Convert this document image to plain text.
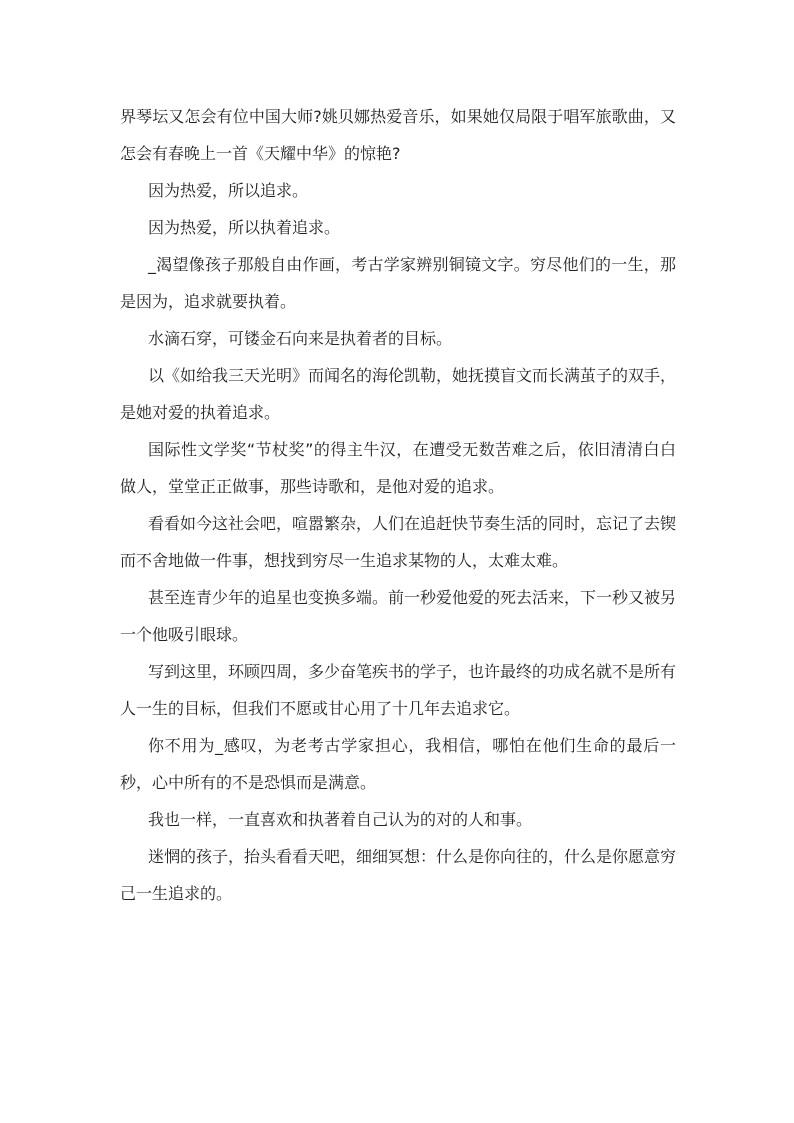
界琴坛又怎会有位中国大师?姚贝娜热爱音乐，如果她仅局限于唱军旅歌曲，又怎会有春晚上一首《天耀中华》的惊艳?

因为热爱，所以追求。

因为热爱，所以执着追求。

_渴望像孩子那般自由作画，考古学家辨别铜镜文字。穷尽他们的一生，那是因为，追求就要执着。

水滴石穿，可镂金石向来是执着者的目标。

以《如给我三天光明》而闻名的海伦凯勒，她抚摸盲文而长满茧子的双手，是她对爱的执着追求。

国际性文学奖“节杖奖”的得主牛汉，在遭受无数苦难之后，依旧清清白白做人，堂堂正正做事，那些诗歌和，是他对爱的追求。

看看如今这社会吧，喧嚣繁杂，人们在追赶快节奏生活的同时，忘记了去锲而不舍地做一件事，想找到穷尽一生追求某物的人，太难太难。

甚至连青少年的追星也变换多端。前一秒爱他爱的死去活来，下一秒又被另一个他吸引眼球。

写到这里，环顾四周，多少奋笔疾书的学子，也许最终的功成名就不是所有人一生的目标，但我们不愿或甘心用了十几年去追求它。

你不用为_感叹，为老考古学家担心，我相信，哪怕在他们生命的最后一秒，心中所有的不是恐惧而是满意。

我也一样，一直喜欢和执著着自己认为的对的人和事。

迷惘的孩子，抬头看看天吧，细细冥想：什么是你向往的，什么是你愿意穷己一生追求的。
